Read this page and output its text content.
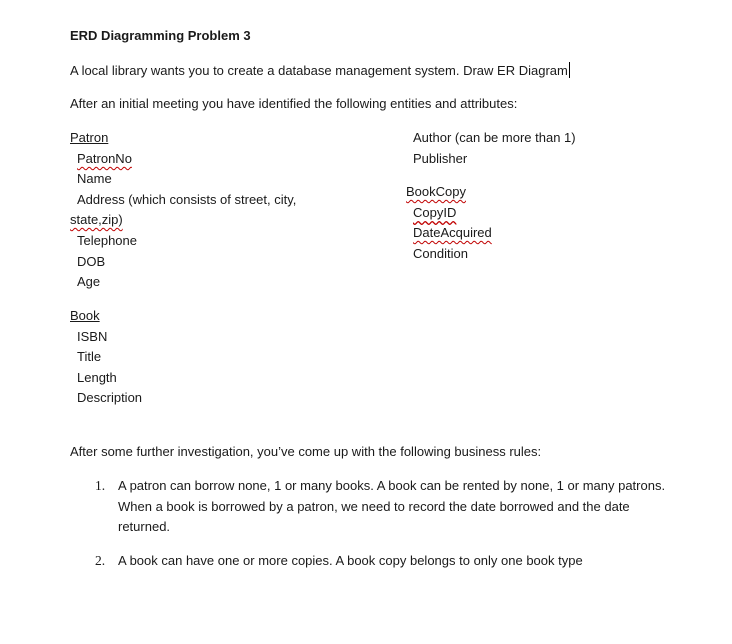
ERD Diagramming Problem 3
A local library wants you to create a database management system. Draw ER Diagram
After an initial meeting you have identified the following entities and attributes:
Patron
PatronNo
Name
Address (which consists of street, city,
state,zip)
Telephone
DOB
Age
Book
ISBN
Title
Length
Description
Author (can be more than 1)
Publisher
BookCopy
CopyID
DateAcquired
Condition
After some further investigation, you’ve come up with the following business rules:
1. A patron can borrow none, 1 or many books. A book can be rented by none, 1 or many patrons.
When a book is borrowed by a patron, we need to record the date borrowed and the date
returned.
2. A book can have one or more copies. A book copy belongs to only one book type
